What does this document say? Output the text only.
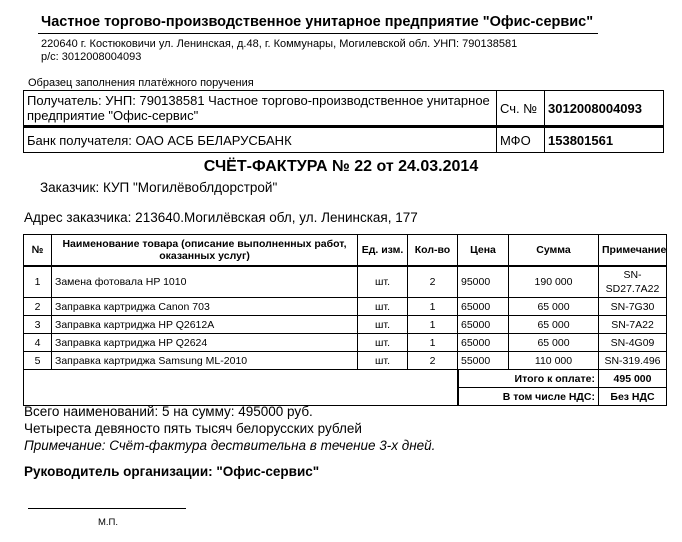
Частное торгово-производственное унитарное предприятие "Офис-сервис"
220640 г. Костюковичи ул. Ленинская, д.48, г. Коммунары, Могилевской обл. УНП: 790138581
р/с: 3012008004093
Образец заполнения платёжного поручения
Получатель: УНП: 790138581 Частное торгово-производственное унитарное предприятие "Офис-сервис"	Сч. №	3012008004093
Банк получателя: ОАО АСБ БЕЛАРУСБАНК	МФО	153801561
СЧЁТ-ФАКТУРА № 22 от 24.03.2014
Заказчик: КУП "Могилёвоблдорстрой"
Адрес заказчика: 213640.Могилёвская обл, ул. Ленинская, 177
№	Наименование товара (описание выполненных работ, оказанных услуг)	Ед. изм.	Кол-во	Цена	Сумма	Примечание
1	Замена фотовала HP 1010	шт.	2	95000	190 000	SN-SD27.7A22
2	Заправка картриджа Canon 703	шт.	1	65000	65 000	SN-7G30
3	Заправка картриджа HP Q2612A	шт.	1	65000	65 000	SN-7A22
4	Заправка картриджа HP Q2624	шт.	1	65000	65 000	SN-4G09
5	Заправка картриджа Samsung ML-2010	шт.	2	55000	110 000	SN-319.496
				Итого к оплате:		495 000
				В том числе НДС:		Без НДС
Всего наименований: 5 на сумму: 495000 руб.
Четыреста девяносто пять тысяч белорусских рублей
Примечание: Счёт-фактура дествительна в течение 3-х дней.
Руководитель организации: "Офис-сервис"
М.П.
